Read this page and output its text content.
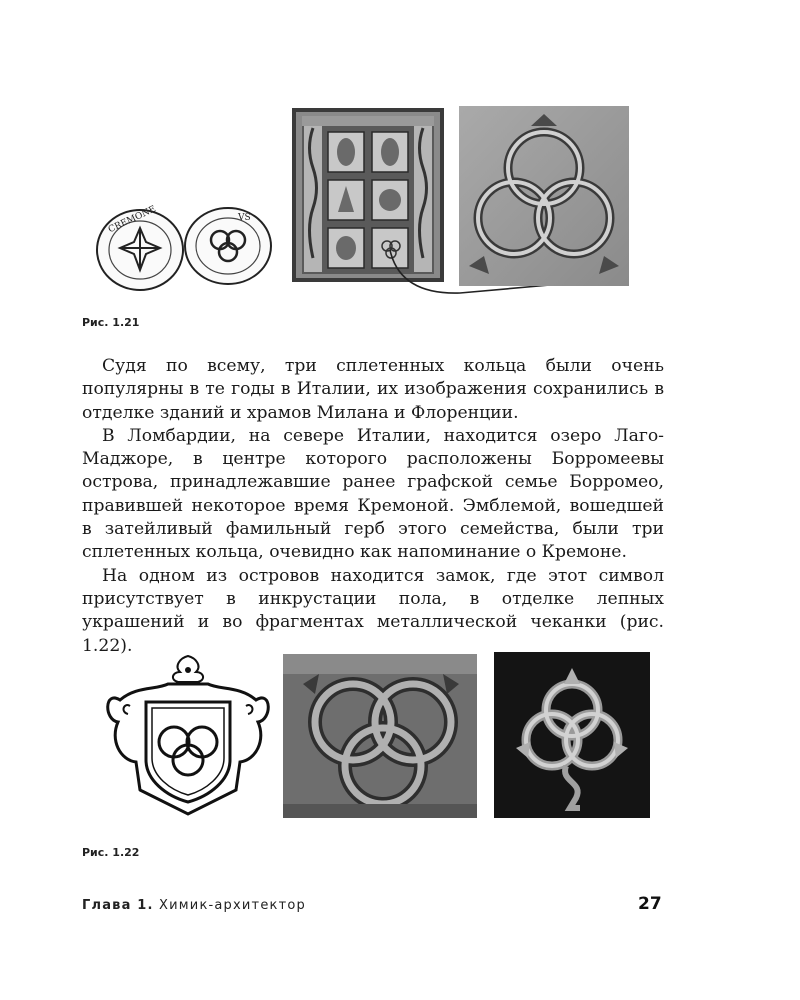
CREMONE	VS
Рис. 1.21

Судя по всему, три сплетенных кольца были очень популярны в те годы в Италии, их изображения сохранились в отделке зданий и храмов Милана и Флоренции.

В Ломбардии, на севере Италии, находится озеро Лаго-Маджоре, в центре которого расположены Борромеевы острова, принадлежавшие ранее графской семье Борромео, правившей некоторое время Кремоной. Эмблемой, вошедшей в затейливый фамильный герб этого семейства, были три сплетенных кольца, очевидно как напоминание о Кремоне.

На одном из островов находится замок, где этот символ присутствует в инкрустации пола, в отделке лепных украшений и во фрагментах металлической чеканки (рис. 1.22).

Рис. 1.22
Глава 1. Химик-архитектор	27
